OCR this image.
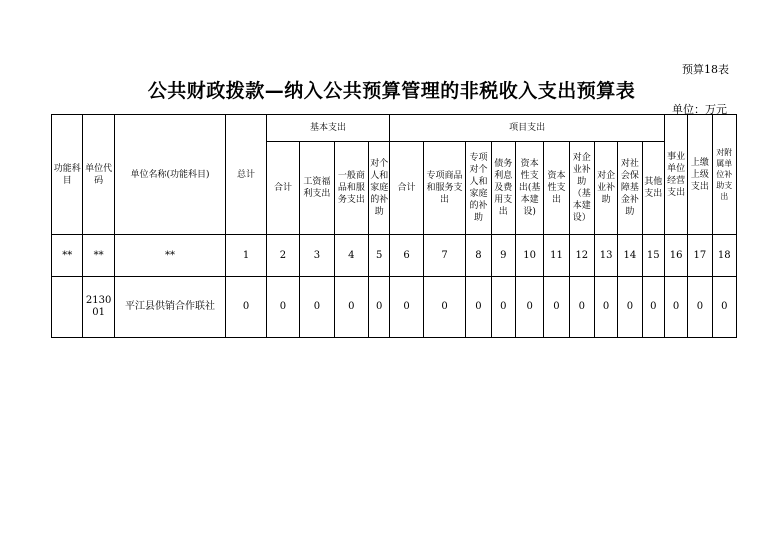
预算18表
公共财政拨款—纳入公共预算管理的非税收入支出预算表
单位：万元
功能科目	单位代码	单位名称(功能科目)	总计	基本支出				项目支出										事业单位经营支出	上缴上级支出	对附属单位补助支出
				合计	工资福利支出	一般商品和服务支出	对个人和家庭的补助	合计	专项商品和服务支出	专项对个人和家庭的补助	债务利息及费用支出	资本性支出(基本建设)	资本性支出	对企业补助（基本建设）	对企业补助	对社会保障基金补助	其他支出			
**	**	**	1	2	3	4	5	6	7	8	9	10	11	12	13	14	15	16	17	18
	213001	平江县供销合作联社	0	0	0	0	0	0	0	0	0	0	0	0	0	0	0	0	0	0
